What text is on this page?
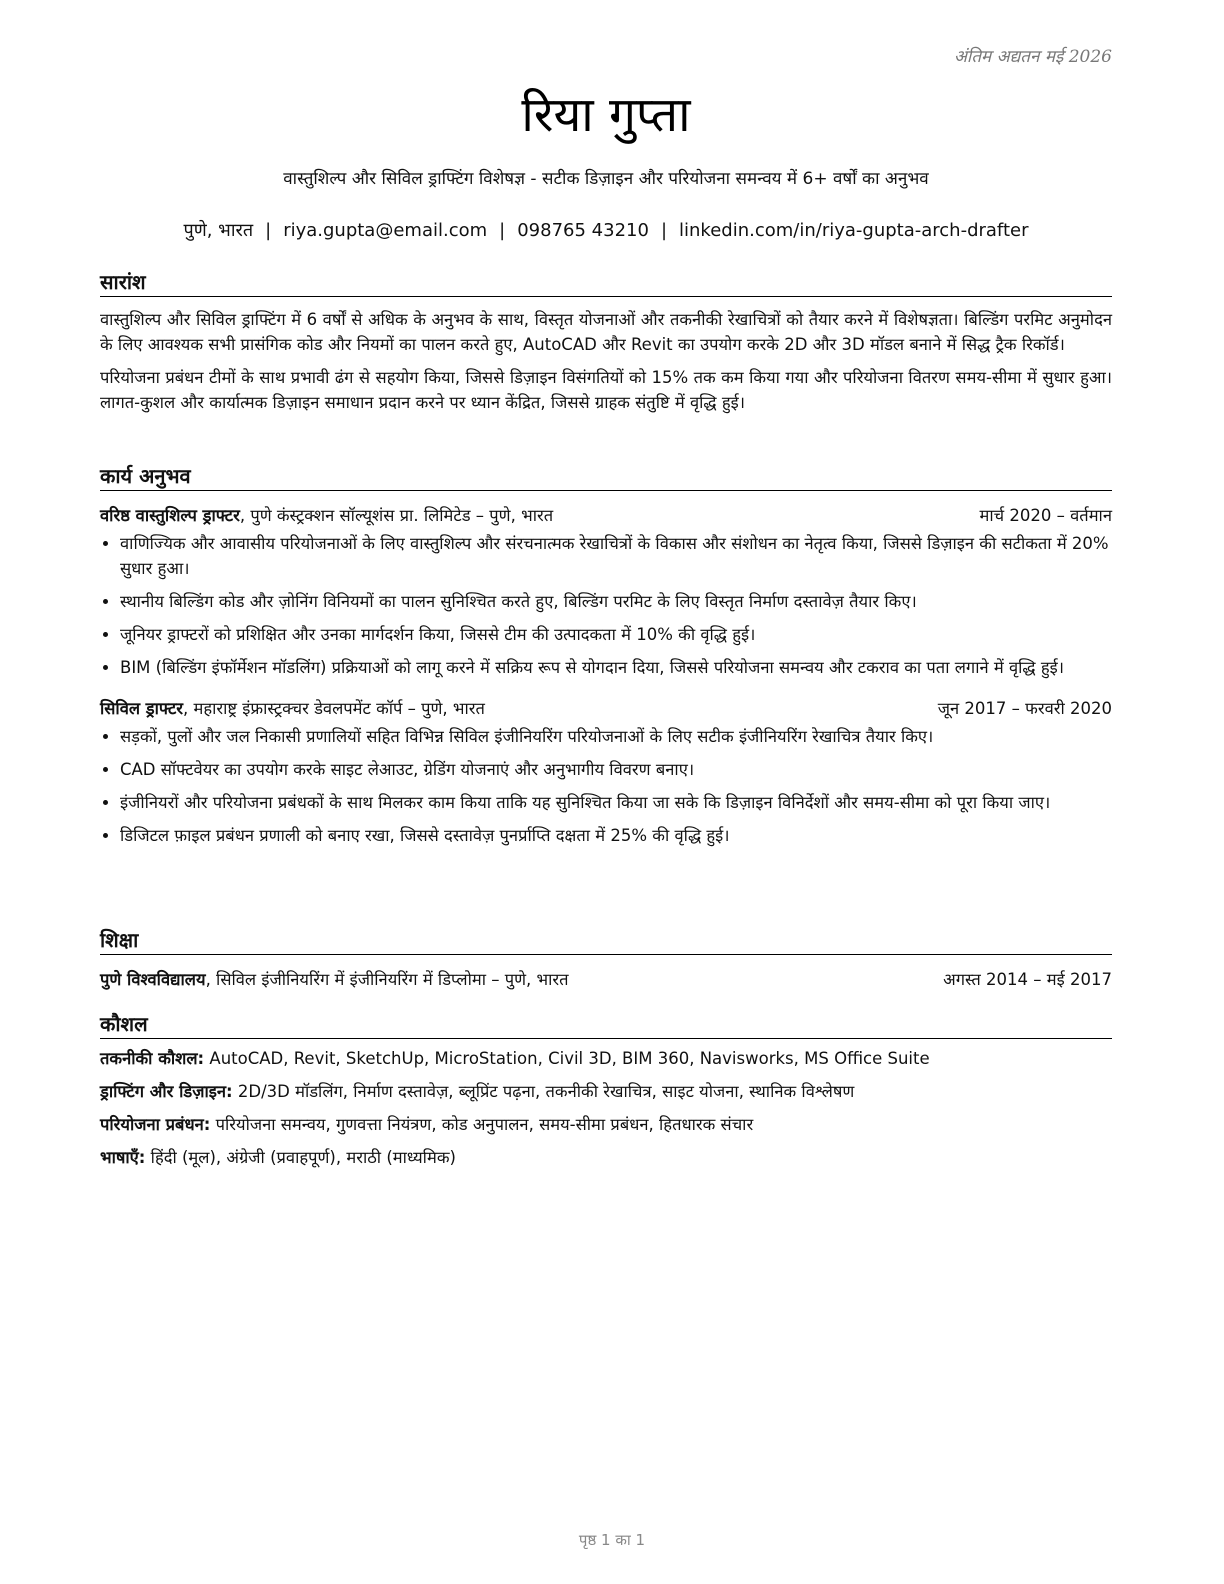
अंतिम अद्यतन मई 2026
रिया गुप्ता
वास्तुशिल्प और सिविल ड्राफ्टिंग विशेषज्ञ - सटीक डिज़ाइन और परियोजना समन्वय में 6+ वर्षों का अनुभव
पुणे, भारत | riya.gupta@email.com | 098765 43210 | linkedin.com/in/riya-gupta-arch-drafter
सारांश
वास्तुशिल्प और सिविल ड्राफ्टिंग में 6 वर्षों से अधिक के अनुभव के साथ, विस्तृत योजनाओं और तकनीकी रेखाचित्रों को तैयार करने में विशेषज्ञता। बिल्डिंग परमिट अनुमोदन के लिए आवश्यक सभी प्रासंगिक कोड और नियमों का पालन करते हुए, AutoCAD और Revit का उपयोग करके 2D और 3D मॉडल बनाने में सिद्ध ट्रैक रिकॉर्ड।
परियोजना प्रबंधन टीमों के साथ प्रभावी ढंग से सहयोग किया, जिससे डिज़ाइन विसंगतियों को 15% तक कम किया गया और परियोजना वितरण समय-सीमा में सुधार हुआ। लागत-कुशल और कार्यात्मक डिज़ाइन समाधान प्रदान करने पर ध्यान केंद्रित, जिससे ग्राहक संतुष्टि में वृद्धि हुई।
कार्य अनुभव
वरिष्ठ वास्तुशिल्प ड्राफ्टर, पुणे कंस्ट्रक्शन सॉल्यूशंस प्रा. लिमिटेड – पुणे, भारत	मार्च 2020 – वर्तमान
• वाणिज्यिक और आवासीय परियोजनाओं के लिए वास्तुशिल्प और संरचनात्मक रेखाचित्रों के विकास और संशोधन का नेतृत्व किया, जिससे डिज़ाइन की सटीकता में 20% सुधार हुआ।
• स्थानीय बिल्डिंग कोड और ज़ोनिंग विनियमों का पालन सुनिश्चित करते हुए, बिल्डिंग परमिट के लिए विस्तृत निर्माण दस्तावेज़ तैयार किए।
• जूनियर ड्राफ्टरों को प्रशिक्षित और उनका मार्गदर्शन किया, जिससे टीम की उत्पादकता में 10% की वृद्धि हुई।
• BIM (बिल्डिंग इंफॉर्मेशन मॉडलिंग) प्रक्रियाओं को लागू करने में सक्रिय रूप से योगदान दिया, जिससे परियोजना समन्वय और टकराव का पता लगाने में वृद्धि हुई।
सिविल ड्राफ्टर, महाराष्ट्र इंफ्रास्ट्रक्चर डेवलपमेंट कॉर्प – पुणे, भारत	जून 2017 – फरवरी 2020
• सड़कों, पुलों और जल निकासी प्रणालियों सहित विभिन्न सिविल इंजीनियरिंग परियोजनाओं के लिए सटीक इंजीनियरिंग रेखाचित्र तैयार किए।
• CAD सॉफ्टवेयर का उपयोग करके साइट लेआउट, ग्रेडिंग योजनाएं और अनुभागीय विवरण बनाए।
• इंजीनियरों और परियोजना प्रबंधकों के साथ मिलकर काम किया ताकि यह सुनिश्चित किया जा सके कि डिज़ाइन विनिर्देशों और समय-सीमा को पूरा किया जाए।
• डिजिटल फ़ाइल प्रबंधन प्रणाली को बनाए रखा, जिससे दस्तावेज़ पुनर्प्राप्ति दक्षता में 25% की वृद्धि हुई।
शिक्षा
पुणे विश्वविद्यालय, सिविल इंजीनियरिंग में इंजीनियरिंग में डिप्लोमा – पुणे, भारत	अगस्त 2014 – मई 2017
कौशल
तकनीकी कौशल: AutoCAD, Revit, SketchUp, MicroStation, Civil 3D, BIM 360, Navisworks, MS Office Suite
ड्राफ्टिंग और डिज़ाइन: 2D/3D मॉडलिंग, निर्माण दस्तावेज़, ब्लूप्रिंट पढ़ना, तकनीकी रेखाचित्र, साइट योजना, स्थानिक विश्लेषण
परियोजना प्रबंधन: परियोजना समन्वय, गुणवत्ता नियंत्रण, कोड अनुपालन, समय-सीमा प्रबंधन, हितधारक संचार
भाषाएँ: हिंदी (मूल), अंग्रेजी (प्रवाहपूर्ण), मराठी (माध्यमिक)
पृष्ठ 1 का 1
